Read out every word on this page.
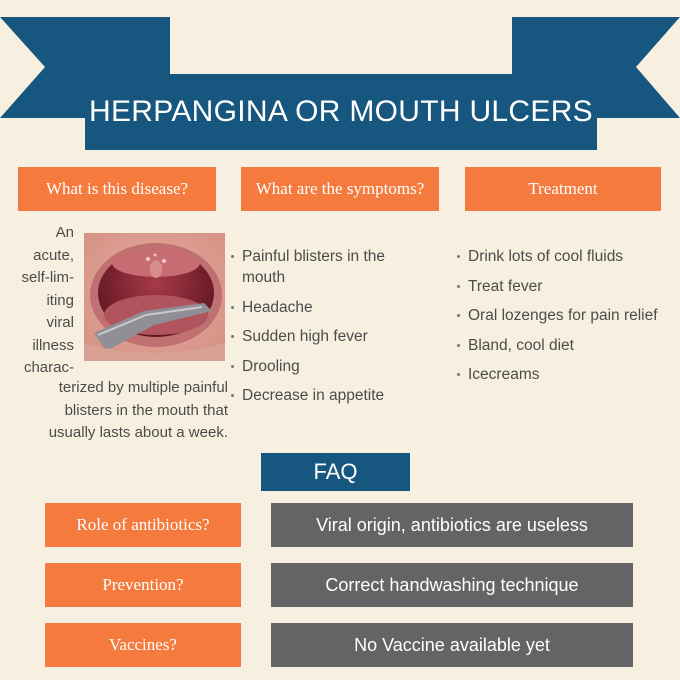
HERPANGINA OR MOUTH ULCERS
What is this disease?	What are the symptoms?	Treatment
An
acute,
self-lim-
iting
viral
illness
charac-
terized by multiple painful
blisters in the mouth that
usually lasts about a week.
Painful blisters in the mouth
Headache
Sudden high fever
Drooling
Decrease in appetite
Drink lots of cool fluids
Treat fever
Oral lozenges for pain relief
Bland, cool diet
Icecreams
FAQ
Role of antibiotics?	Viral origin, antibiotics are useless
Prevention?	Correct handwashing technique
Vaccines?	No Vaccine available yet
